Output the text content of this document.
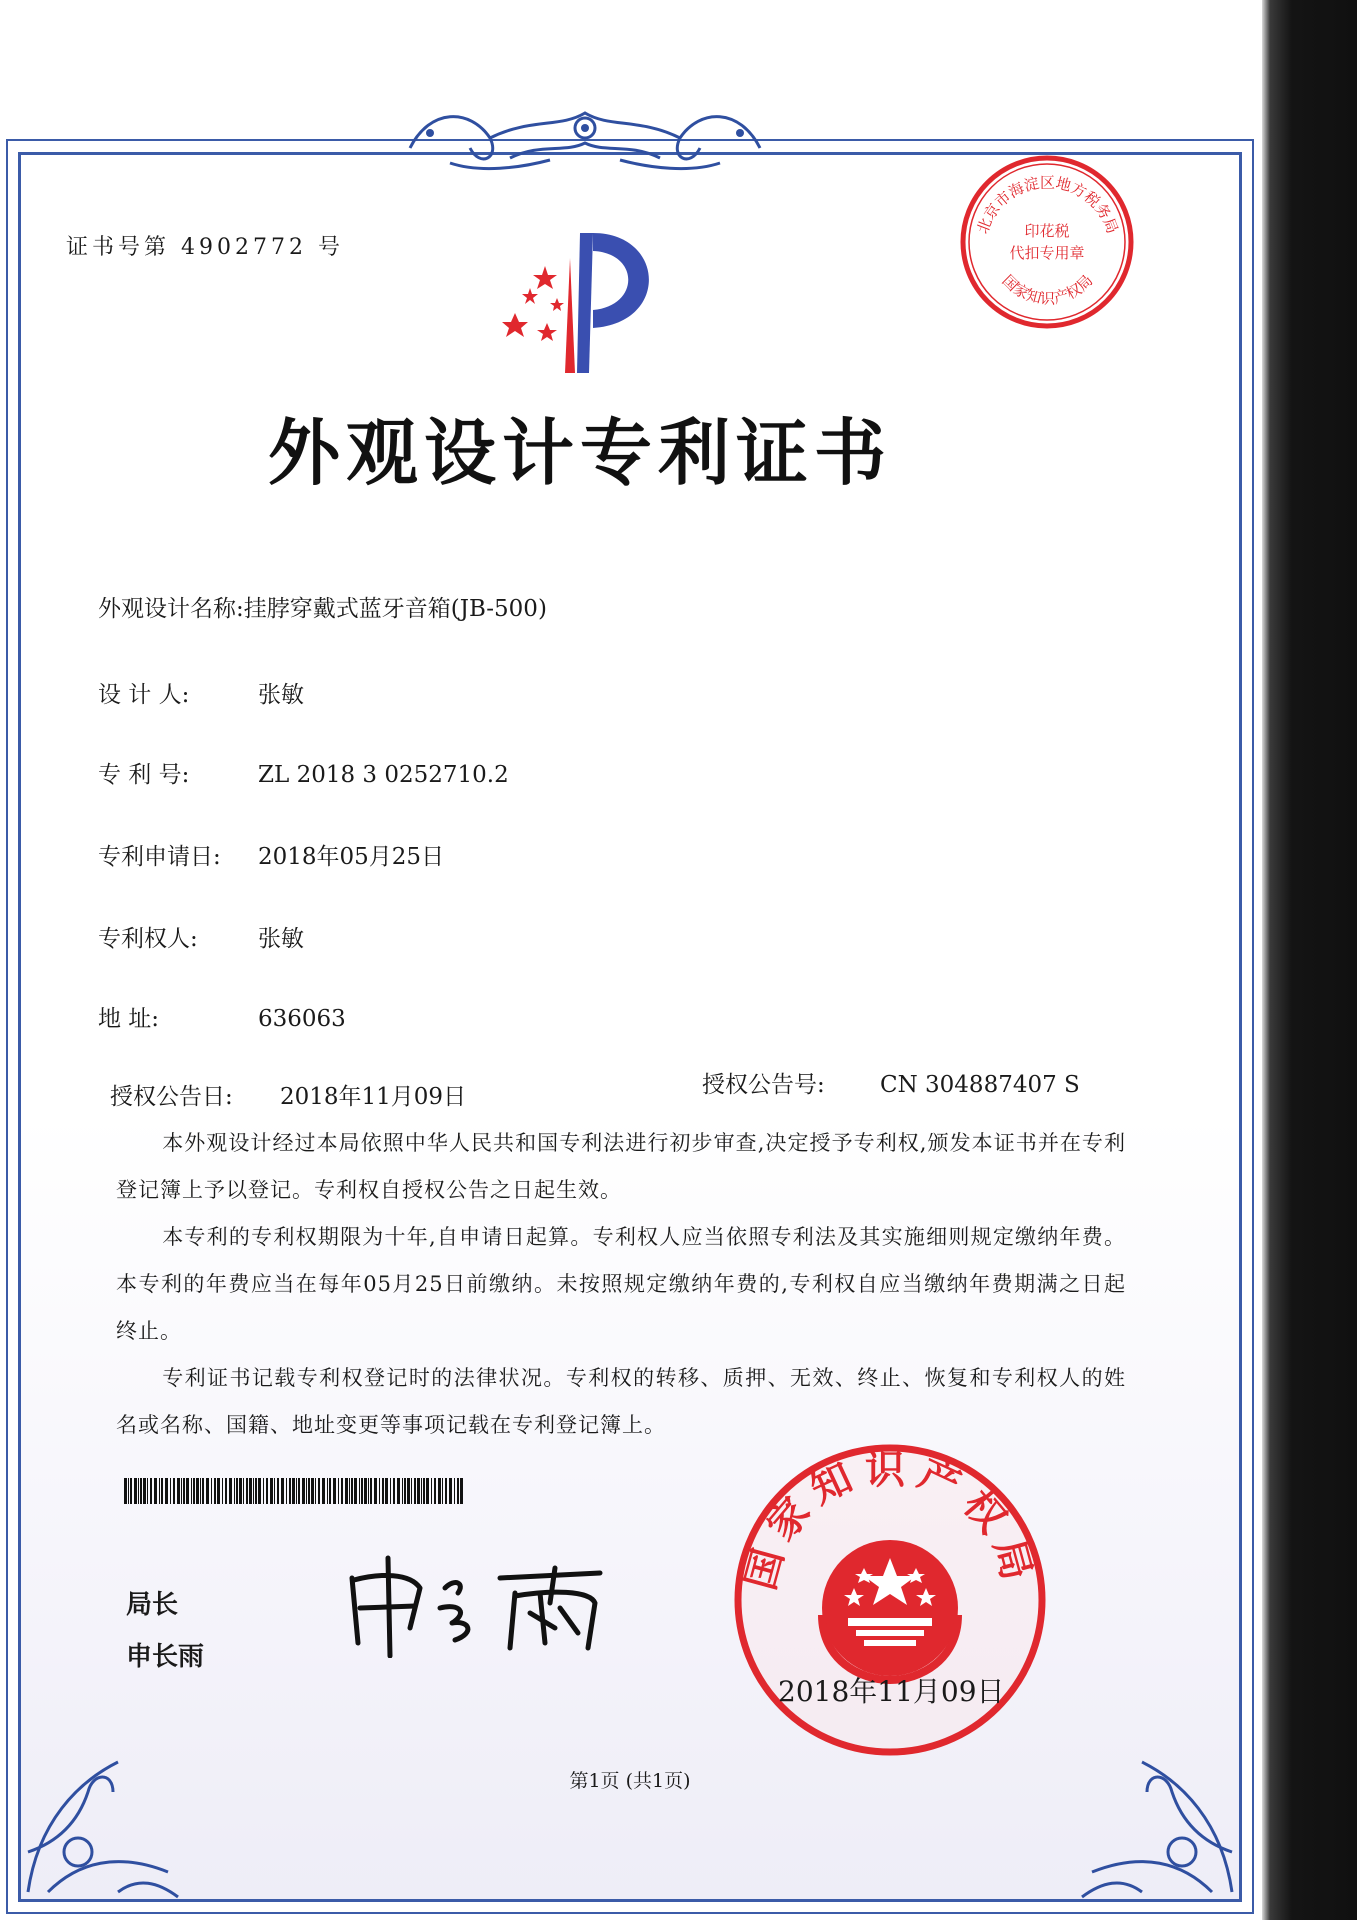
证书号第 4902772 号
北京市海淀区地方税务局
印花税
代扣专用章
国家知识产权局
外观设计专利证书
外观设计名称:挂脖穿戴式蓝牙音箱(JB-500)
设 计 人:	张敏
专 利 号:	ZL 2018 3 0252710.2
专利申请日: 2018年05月25日
专利权人:	张敏
地 址:	636063
授权公告日: 2018年11月09日	授权公告号: CN 304887407 S

本外观设计经过本局依照中华人民共和国专利法进行初步审查,决定授予专利权,颁发本证书并在专利登记簿上予以登记。专利权自授权公告之日起生效。

本专利的专利权期限为十年,自申请日起算。专利权人应当依照专利法及其实施细则规定缴纳年费。本专利的年费应当在每年05月25日前缴纳。未按照规定缴纳年费的,专利权自应当缴纳年费期满之日起终止。

专利证书记载专利权登记时的法律状况。专利权的转移、质押、无效、终止、恢复和专利权人的姓名或名称、国籍、地址变更等事项记载在专利登记簿上。

局长
申长雨
国家知识产权局
2018年11月09日
第1页 (共1页)
